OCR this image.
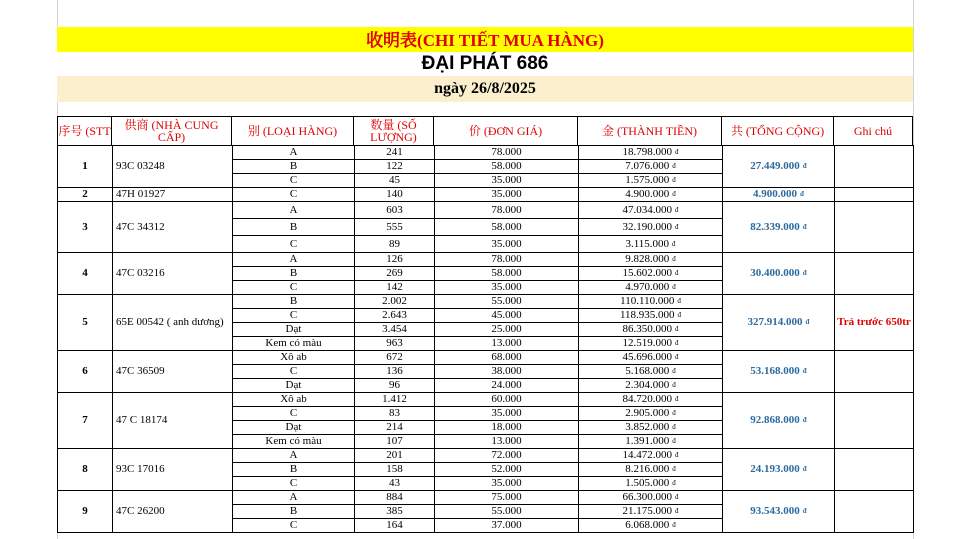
收明表(CHI TIẾT MUA HÀNG)
ĐẠI PHÁT 686
ngày 26/8/2025
序号 (STT	供商 (NHÀ CUNG CẤP)	别 (LOẠI HÀNG)	数量 (SỐ LƯỢNG)	价 (ĐƠN GIÁ)	金 (THÀNH TIỀN)	共 (TỔNG CỘNG)	Ghi chú
1	93C 03248	A	241	78.000	18.798.000 đ	27.449.000 đ	
		B	122	58.000	7.076.000 đ		
		C	45	35.000	1.575.000 đ		
2	47H 01927	C	140	35.000	4.900.000 đ	4.900.000 đ	
3	47C 34312	A	603	78.000	47.034.000 đ	82.339.000 đ	
		B	555	58.000	32.190.000 đ		
		C	89	35.000	3.115.000 đ		
4	47C 03216	A	126	78.000	9.828.000 đ	30.400.000 đ	
		B	269	58.000	15.602.000 đ		
		C	142	35.000	4.970.000 đ		
5	65E 00542 ( anh dương)	B	2.002	55.000	110.110.000 đ	327.914.000 đ	Trả trước 650tr
		C	2.643	45.000	118.935.000 đ		
		Dạt	3.454	25.000	86.350.000 đ		
		Kem có màu	963	13.000	12.519.000 đ		
6	47C 36509	Xô ab	672	68.000	45.696.000 đ	53.168.000 đ	
		C	136	38.000	5.168.000 đ		
		Dạt	96	24.000	2.304.000 đ		
7	47 C 18174	Xô ab	1.412	60.000	84.720.000 đ	92.868.000 đ	
		C	83	35.000	2.905.000 đ		
		Dạt	214	18.000	3.852.000 đ		
		Kem có màu	107	13.000	1.391.000 đ		
8	93C 17016	A	201	72.000	14.472.000 đ	24.193.000 đ	
		B	158	52.000	8.216.000 đ		
		C	43	35.000	1.505.000 đ		
9	47C 26200	A	884	75.000	66.300.000 đ	93.543.000 đ	
		B	385	55.000	21.175.000 đ		
		C	164	37.000	6.068.000 đ		
